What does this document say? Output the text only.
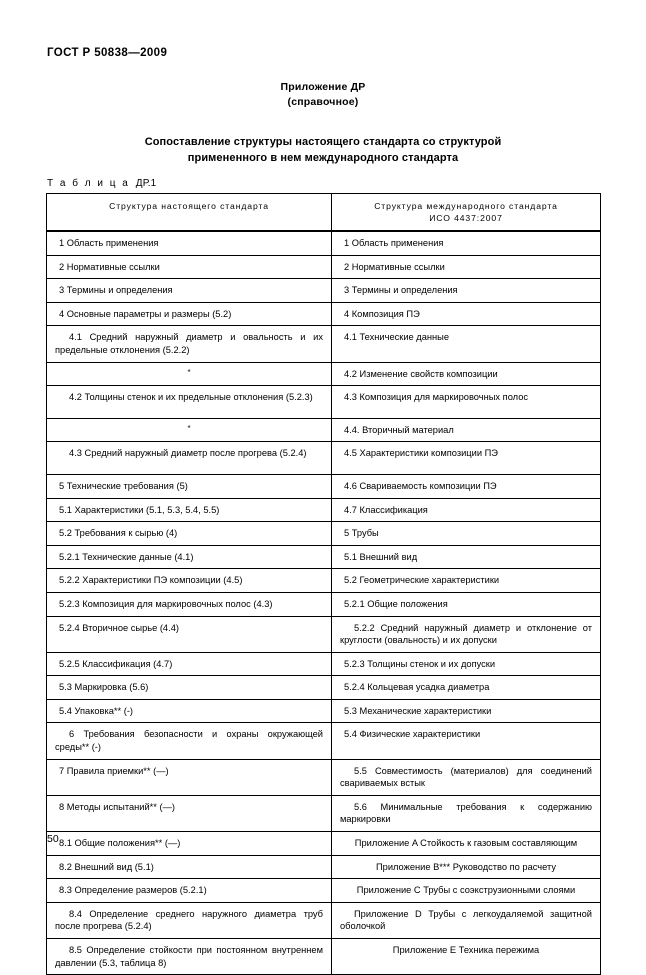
ГОСТ Р 50838—2009
Приложение ДР
(справочное)
Сопоставление структуры настоящего стандарта со структурой
примененного в нем международного стандарта
Т а б л и ц а ДР.1
Структура настоящего стандарта	Структура международного стандарта
ИСО 4437:2007

1 Область применения	1 Область применения

2 Нормативные ссылки	2 Нормативные ссылки

3 Термины и определения	3 Термины и определения

4 Основные параметры и размеры (5.2)	4 Композиция ПЭ

4.1 Средний наружный диаметр и овальность и их предельные отклонения (5.2.2)	4.1 Технические данные

*	4.2 Изменение свойств композиции

4.2 Толщины стенок и их предельные отклонения (5.2.3)	4.3 Композиция для маркировочных полос

*	4.4. Вторичный материал

4.3 Средний наружный диаметр после прогрева (5.2.4)	4.5 Характеристики композиции ПЭ

5 Технические требования (5)	4.6 Свариваемость композиции ПЭ

5.1 Характеристики (5.1, 5.3, 5.4, 5.5)	4.7 Классификация

5.2 Требования к сырью (4)	5 Трубы

5.2.1 Технические данные (4.1)	5.1 Внешний вид

5.2.2 Характеристики ПЭ композиции (4.5)	5.2 Геометрические характеристики

5.2.3 Композиция для маркировочных полос (4.3)	5.2.1 Общие положения

5.2.4 Вторичное сырье (4.4)	5.2.2 Средний наружный диаметр и отклонение от круглости (овальность) и их допуски

5.2.5 Классификация (4.7)	5.2.3 Толщины стенок и их допуски

5.3 Маркировка (5.6)	5.2.4 Кольцевая усадка диаметра

5.4 Упаковка** (-)	5.3 Механические характеристики

6 Требования безопасности и охраны окружающей среды** (-)	5.4 Физические характеристики

7 Правила приемки** (—)	5.5 Совместимость (материалов) для соединений свариваемых встык

8 Методы испытаний** (—)	5.6 Минимальные требования к содержанию маркировки

8.1 Общие положения** (—)	Приложение A Стойкость к газовым составляющим

8.2 Внешний вид (5.1)	Приложение B*** Руководство по расчету

8.3 Определение размеров (5.2.1)	Приложение C Трубы с соэкструзионными слоями

8.4 Определение среднего наружного диаметра труб после прогрева (5.2.4)	Приложение D Трубы с легкоудаляемой защитной оболочкой

8.5 Определение стойкости при постоянном внутреннем давлении (5.3, таблица 8)	Приложение E Техника пережима
50
